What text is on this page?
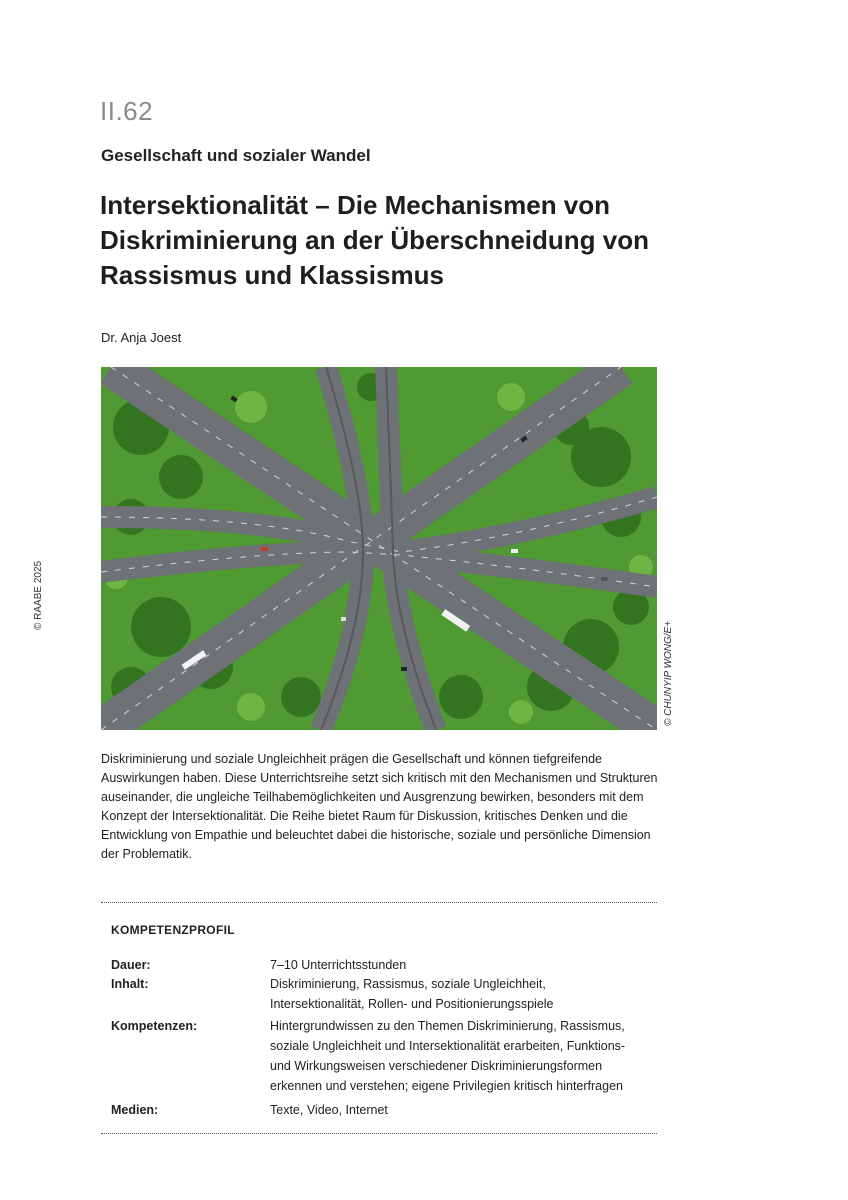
II.62
Gesellschaft und sozialer Wandel
Intersektionalität – Die Mechanismen von Diskriminierung an der Überschneidung von Rassismus und Klassismus
Dr. Anja Joest
© RAABE 2025
© CHUNYIP WONG/E+

Diskriminierung und soziale Ungleichheit prägen die Gesellschaft und können tiefgreifende Auswirkungen haben. Diese Unterrichtsreihe setzt sich kritisch mit den Mechanismen und Strukturen auseinander, die ungleiche Teilhabemöglichkeiten und Ausgrenzung bewirken, besonders mit dem Konzept der Intersektionalität. Die Reihe bietet Raum für Diskussion, kritisches Denken und die Entwicklung von Empathie und beleuchtet dabei die historische, soziale und persönliche Dimension der Problematik.

KOMPETENZPROFIL
Dauer:	7–10 Unterrichtsstunden
Inhalt:	Diskriminierung, Rassismus, soziale Ungleichheit, Intersektionalität, Rollen- und Positionierungsspiele
Kompetenzen:	Hintergrundwissen zu den Themen Diskriminierung, Rassismus, soziale Ungleichheit und Intersektionalität erarbeiten, Funktions- und Wirkungsweisen verschiedener Diskriminierungsformen erkennen und verstehen; eigene Privilegien kritisch hinterfragen
Medien:	Texte, Video, Internet
